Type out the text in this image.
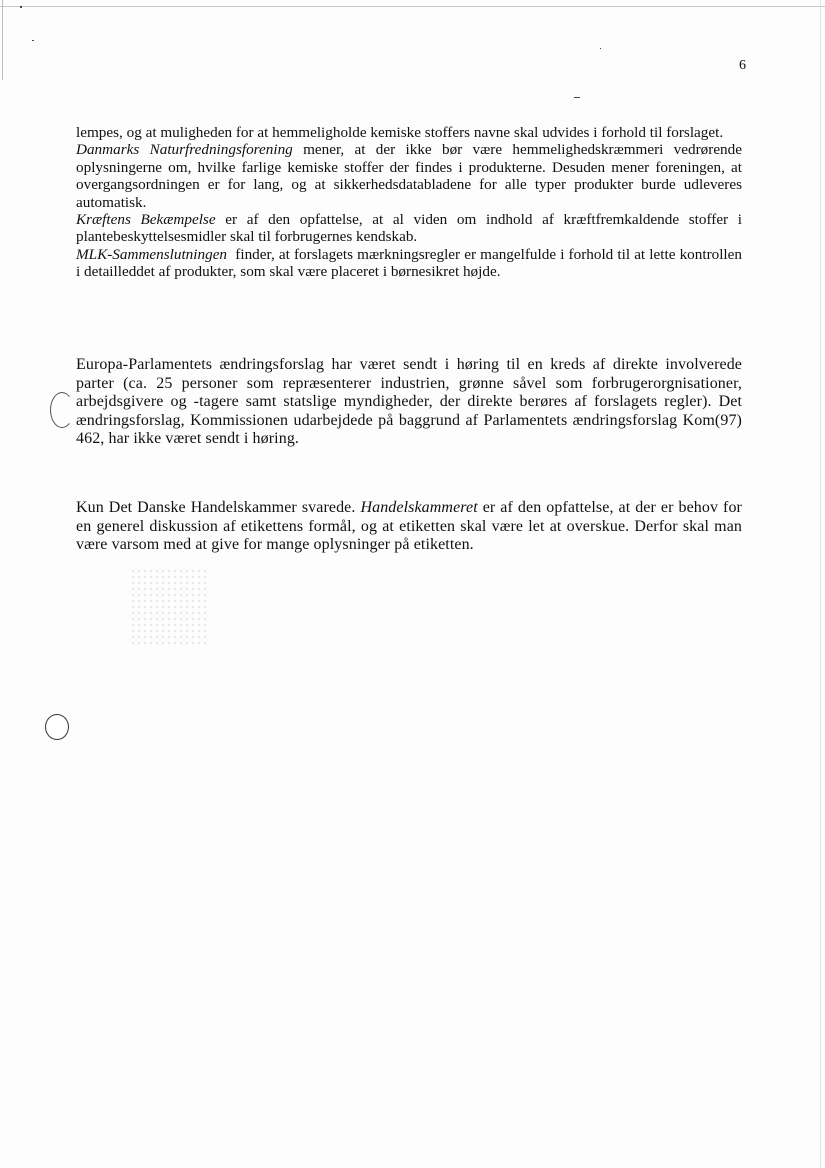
6

lempes, og at muligheden for at hemmeligholde kemiske stoffers navne skal udvides i forhold til forslaget.

Danmarks Naturfredningsforening mener, at der ikke bør være hemmelighedskræmmeri vedrørende oplysningerne om, hvilke farlige kemiske stoffer der findes i produkterne. Desuden mener foreningen, at overgangsordningen er for lang, og at sikkerhedsdatabladene for alle typer produkter burde udleveres automatisk.

Kræftens Bekæmpelse er af den opfattelse, at al viden om indhold af kræftfremkaldende stoffer i plantebeskyttelsesmidler skal til forbrugernes kendskab.

MLK-Sammenslutningen  finder, at forslagets mærkningsregler er mangelfulde i forhold til at lette kontrollen i detailleddet af produkter, som skal være placeret i børnesikret højde.

Europa-Parlamentets ændringsforslag har været sendt i høring til en kreds af direkte involverede parter (ca. 25 personer som repræsenterer industrien, grønne såvel som forbrugerorgnisationer, arbejdsgivere og -tagere samt statslige myndigheder, der direkte berøres af forslagets regler). Det ændringsforslag, Kommissionen udarbejdede på baggrund af Parlamentets ændringsforslag Kom(97) 462, har ikke været sendt i høring.

Kun Det Danske Handelskammer svarede. Handelskammeret er af den opfattelse, at der er behov for en generel diskussion af etikettens formål, og at etiketten skal være let at overskue. Derfor skal man være varsom med at give for mange oplysninger på etiketten.
